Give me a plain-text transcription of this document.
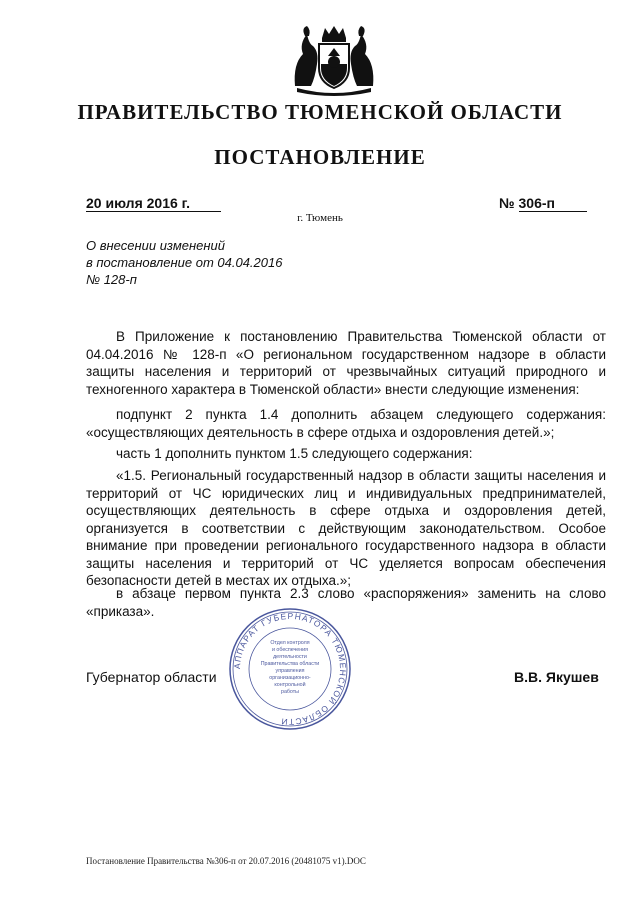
ПРАВИТЕЛЬСТВО ТЮМЕНСКОЙ ОБЛАСТИ
ПОСТАНОВЛЕНИЕ
20 июля 2016 г.	№ 306-п
г. Тюмень
О внесении изменений
в постановление от 04.04.2016
№ 128-п

В Приложение к постановлению Правительства Тюменской области от 04.04.2016 № 128-п «О региональном государственном надзоре в области защиты населения и территорий от чрезвычайных ситуаций природного и техногенного характера в Тюменской области» внести следующие изменения:

подпункт 2 пункта 1.4 дополнить абзацем следующего содержания: «осуществляющих деятельность в сфере отдыха и оздоровления детей.»;

часть 1 дополнить пунктом 1.5 следующего содержания:

«1.5. Региональный государственный надзор в области защиты населения и территорий от ЧС юридических лиц и индивидуальных предпринимателей, осуществляющих деятельность в сфере отдыха и оздоровления детей, организуется в соответствии с действующим законодательством. Особое внимание при проведении регионального государственного надзора в области защиты населения и территорий от ЧС уделяется вопросам обеспечения безопасности детей в местах их отдыха.»;

в абзаце первом пункта 2.3 слово «распоряжения» заменить на слово «приказа».

Губернатор области	В.В. Якушев
АППАРАТ ГУБЕРНАТОРА ТЮМЕНСКОЙ ОБЛАСТИ
Отдел контроля
и обеспечения
деятельности
Правительства области
управления
организационно-
контрольной
работы
Постановление Правительства №306-п от 20.07.2016 (20481075 v1).DOC
